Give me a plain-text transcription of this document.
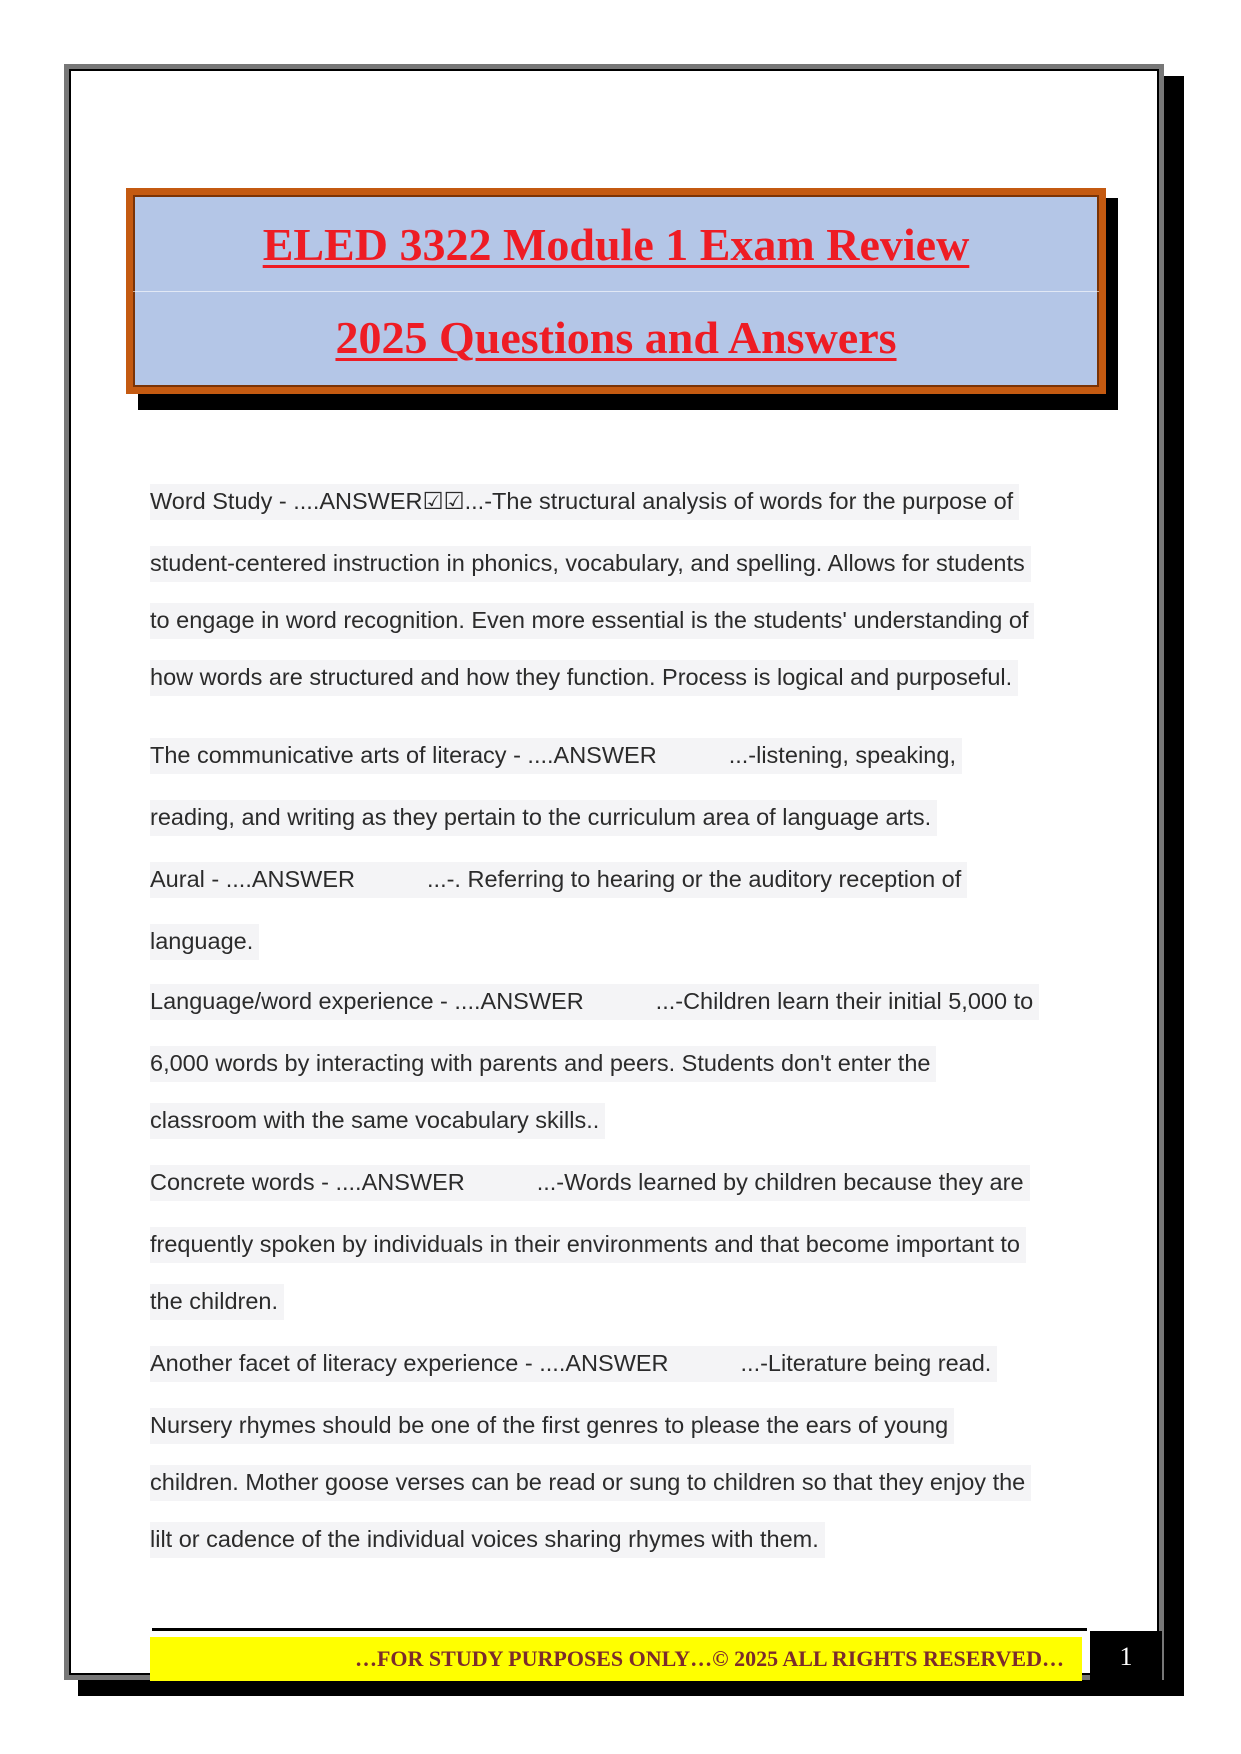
ELED 3322 Module 1 Exam Review
2025 Questions and Answers
Word Study - ....ANSWER☑☑...-The structural analysis of words for the purpose of
student-centered instruction in phonics, vocabulary, and spelling. Allows for students
to engage in word recognition. Even more essential is the students' understanding of
how words are structured and how they function. Process is logical and purposeful.
The communicative arts of literacy - ....ANSWER	...-listening, speaking,
reading, and writing as they pertain to the curriculum area of language arts.
Aural - ....ANSWER	...-. Referring to hearing or the auditory reception of
language.
Language/word experience - ....ANSWER	...-Children learn their initial 5,000 to
6,000 words by interacting with parents and peers. Students don't enter the
classroom with the same vocabulary skills..
Concrete words - ....ANSWER	...-Words learned by children because they are
frequently spoken by individuals in their environments and that become important to
the children.
Another facet of literacy experience - ....ANSWER	...-Literature being read.
Nursery rhymes should be one of the first genres to please the ears of young
children. Mother goose verses can be read or sung to children so that they enjoy the
lilt or cadence of the individual voices sharing rhymes with them.
…FOR STUDY PURPOSES ONLY…© 2025 ALL RIGHTS RESERVED…	1
